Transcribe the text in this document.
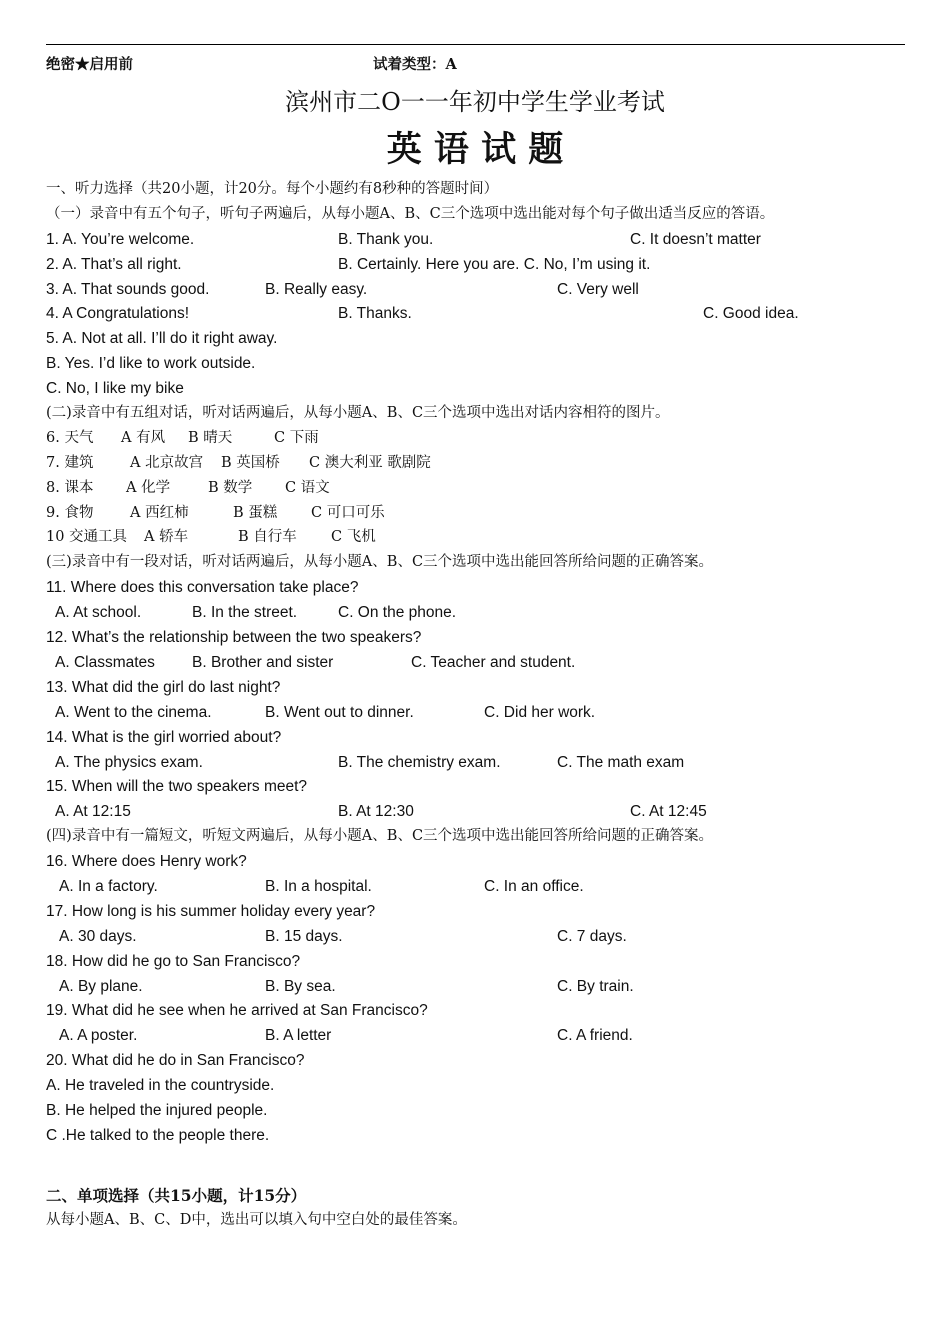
绝密★启用前	试着类型：A
滨州市二O一一年初中学生学业考试
英 语 试 题
一、听力选择（共20小题，计20分。每个小题约有8秒种的答题时间）
（一）录音中有五个句子，听句子两遍后，从每小题A、B、C三个选项中选出能对每个句子做出适当反应的答语。
1. A. You’re welcome.	B. Thank you.	C. It doesn’t matter
2. A. That’s all right.	B. Certainly. Here you are. C. No, I’m using it.
3. A. That sounds good.	B. Really easy.	C. Very well
4. A Congratulations!	B. Thanks.	C. Good idea.
5. A. Not at all. I’ll do it right away.
B. Yes. I’d like to work outside.
C. No, I like my bike
(二)录音中有五组对话，听对话两遍后，从每小题A、B、C三个选项中选出对话内容相符的图片。
6. 天气 A 有风 B 晴天	C 下雨
7. 建筑	A 北京故宫 B 英国桥 C 澳大利亚 歌剧院
8. 课本 A 化学	B 数学 C 语文
9. 食物	A 西红柿	B 蛋糕 C 可口可乐
10 交通工具 A 轿车	B 自行车 C 飞机
(三)录音中有一段对话，听对话两遍后，从每小题A、B、C三个选项中选出能回答所给问题的正确答案。
11. Where does this conversation take place?
A. At school.	B. In the street.	C. On the phone.
12. What’s the relationship between the two speakers?
A. Classmates B. Brother and sister	C. Teacher and student.
13. What did the girl do last night?
A. Went to the cinema.	B. Went out to dinner.	C. Did her work.
14. What is the girl worried about?
A. The physics exam.	B. The chemistry exam.	C. The math exam
15. When will the two speakers meet?
A. At 12:15	B. At 12:30	C. At 12:45
(四)录音中有一篇短文，听短文两遍后，从每小题A、B、C三个选项中选出能回答所给问题的正确答案。
16. Where does Henry work?
A. In a factory.	B. In a hospital.	C. In an office.
17. How long is his summer holiday every year?
A. 30 days.	B. 15 days.	C. 7 days.
18. How did he go to San Francisco?
A. By plane.	B. By sea.	C. By train.
19. What did he see when he arrived at San Francisco?
A. A poster.	B. A letter	C. A friend.
20. What did he do in San Francisco?
A. He traveled in the countryside.
B. He helped the injured people.
C .He talked to the people there.
二、单项选择（共15小题，计15分）
从每小题A、B、C、D中，选出可以填入句中空白处的最佳答案。
